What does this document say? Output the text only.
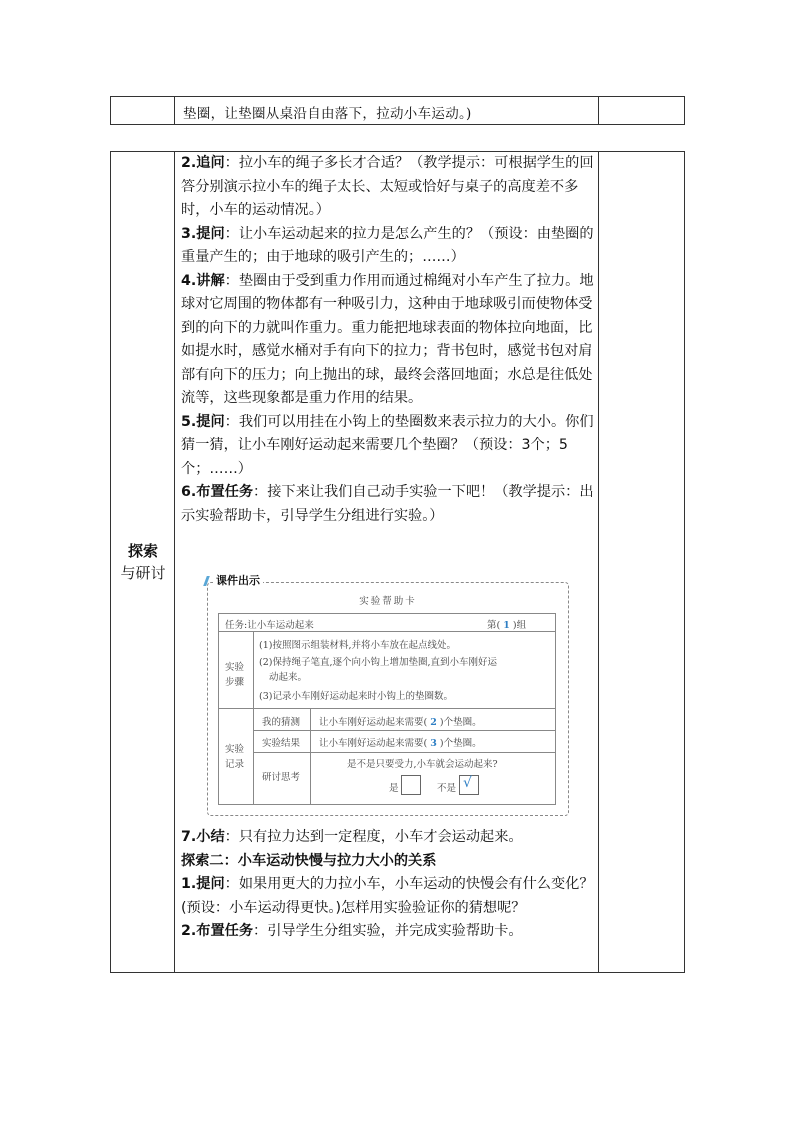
垫圈，让垫圈从桌沿自由落下，拉动小车运动。)
探索
与研讨

2.追问：拉小车的绳子多长才合适？（教学提示：可根据学生的回答分别演示拉小车的绳子太长、太短或恰好与桌子的高度差不多时，小车的运动情况。）

3.提问：让小车运动起来的拉力是怎么产生的？（预设：由垫圈的重量产生的；由于地球的吸引产生的；……）

4.讲解：垫圈由于受到重力作用而通过棉绳对小车产生了拉力。地球对它周围的物体都有一种吸引力，这种由于地球吸引而使物体受到的向下的力就叫作重力。重力能把地球表面的物体拉向地面，比如提水时，感觉水桶对手有向下的拉力；背书包时，感觉书包对肩部有向下的压力；向上抛出的球，最终会落回地面；水总是往低处流等，这些现象都是重力作用的结果。

5.提问：我们可以用挂在小钩上的垫圈数来表示拉力的大小。你们猜一猜，让小车刚好运动起来需要几个垫圈？（预设：3个；5个；……）

6.布置任务：接下来让我们自己动手实验一下吧！（教学提示：出示实验帮助卡，引导学生分组进行实验。）

实验帮助卡
任务:让小车运动起来	第( 1 )组
实验
步骤
(1)按照图示组装材料,并将小车放在起点线处。
(2)保持绳子笔直,逐个向小钩上增加垫圈,直到小车刚好运
动起来。
(3)记录小车刚好运动起来时小钩上的垫圈数。
实验
记录
我的猜测 让小车刚好运动起来需要( 2 )个垫圈。
实验结果 让小车刚好运动起来需要( 3 )个垫圈。
研讨思考
是不是只要受力,小车就会运动起来?
是	不是 √
课件出示

7.小结：只有拉力达到一定程度，小车才会运动起来。

探索二：小车运动快慢与拉力大小的关系

1.提问：如果用更大的力拉小车，小车运动的快慢会有什么变化？(预设：小车运动得更快。)怎样用实验验证你的猜想呢？

2.布置任务：引导学生分组实验，并完成实验帮助卡。
